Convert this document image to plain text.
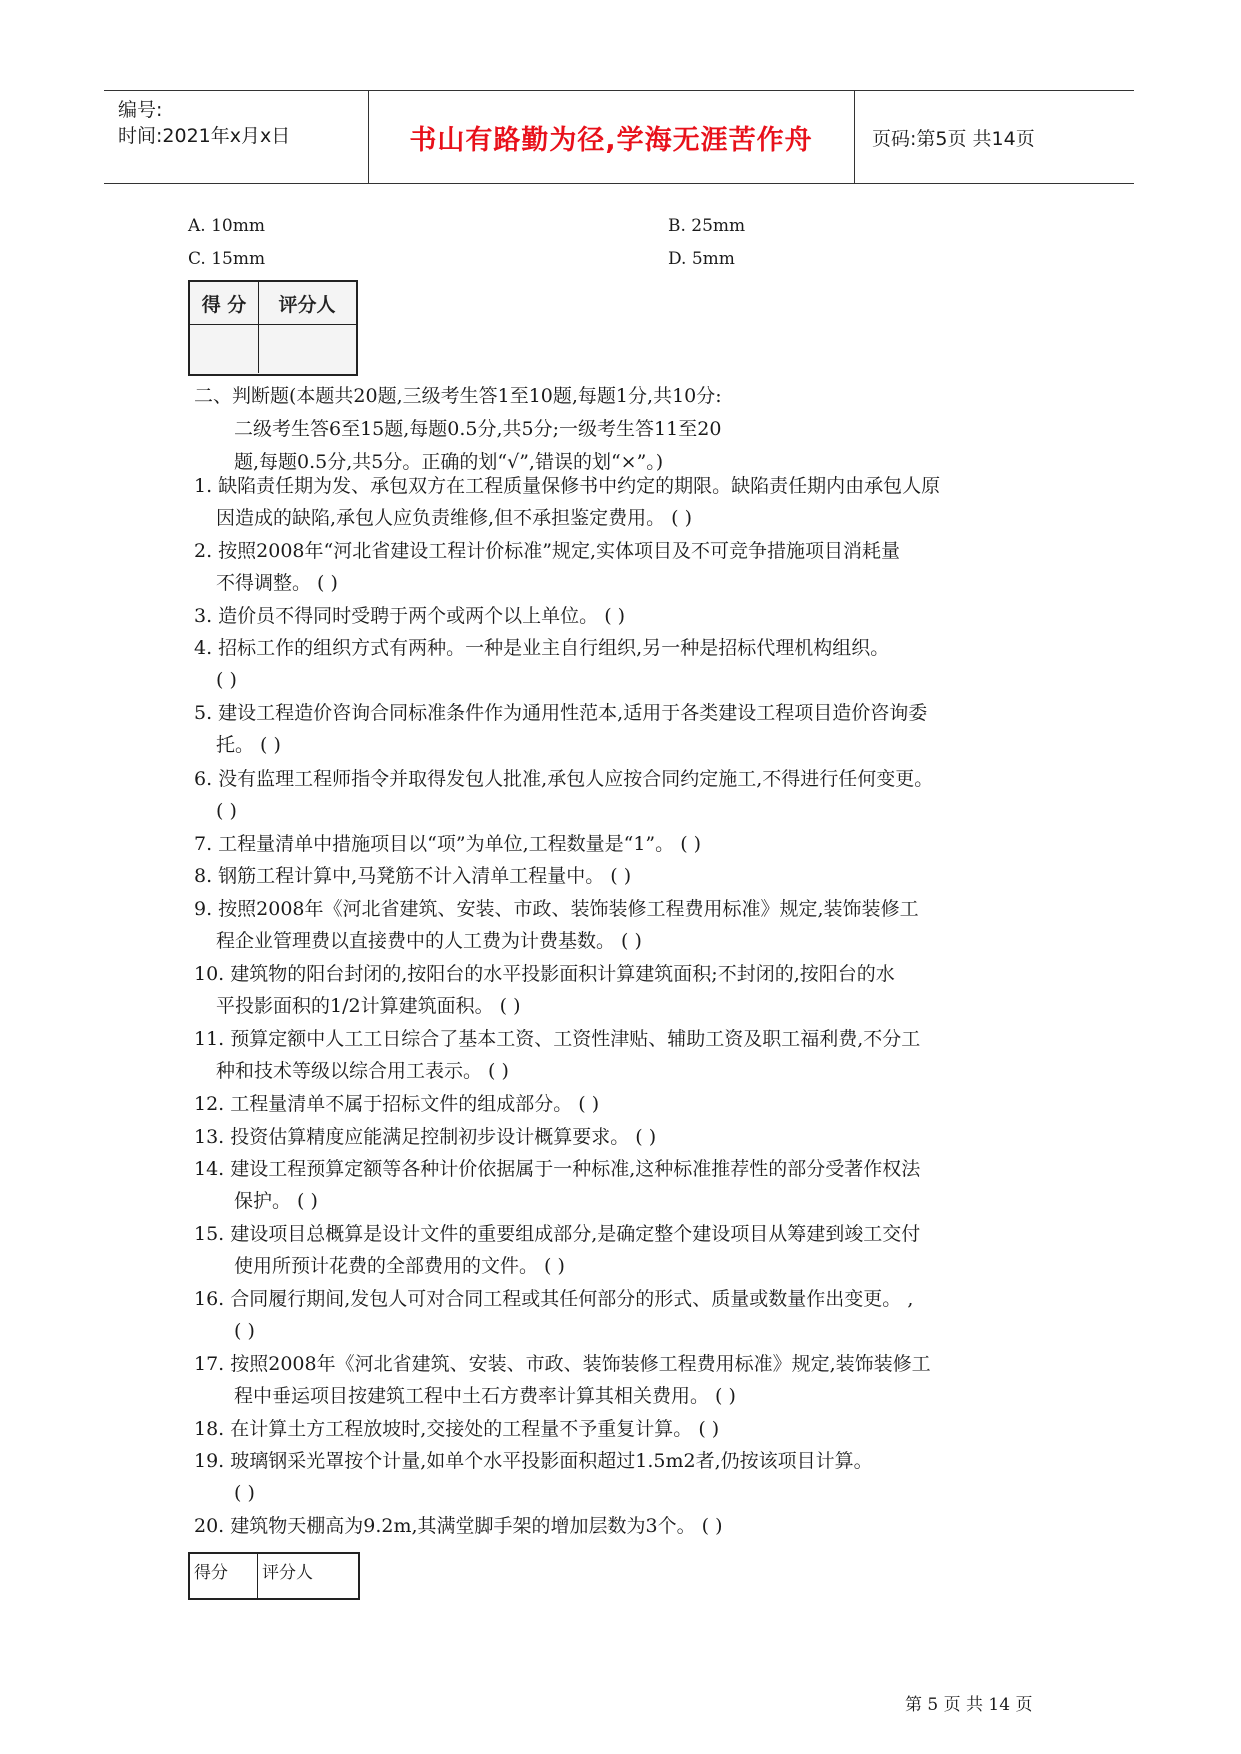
编号:
时间:2021年x月x日	书山有路勤为径,学海无涯苦作舟	页码:第5页 共14页
A. 10mm	B. 25mm
C. 15mm	D. 5mm
得 分 评分人
二、判断题(本题共20题,三级考生答1至10题,每题1分,共10分:
二级考生答6至15题,每题0.5分,共5分;一级考生答11至20
题,每题0.5分,共5分。正确的划“√”,错误的划“×”。)
1. 缺陷责任期为发、承包双方在工程质量保修书中约定的期限。缺陷责任期内由承包人原
因造成的缺陷,承包人应负责维修,但不承担鉴定费用。 ( )
2. 按照2008年“河北省建设工程计价标准”规定,实体项目及不可竞争措施项目消耗量
不得调整。 ( )
3. 造价员不得同时受聘于两个或两个以上单位。 ( )
4. 招标工作的组织方式有两种。一种是业主自行组织,另一种是招标代理机构组织。
( )
5. 建设工程造价咨询合同标准条件作为通用性范本,适用于各类建设工程项目造价咨询委
托。 ( )
6. 没有监理工程师指令并取得发包人批准,承包人应按合同约定施工,不得进行任何变更。
( )
7. 工程量清单中措施项目以“项”为单位,工程数量是“1”。 ( )
8. 钢筋工程计算中,马凳筋不计入清单工程量中。 ( )
9. 按照2008年《河北省建筑、安装、市政、装饰装修工程费用标准》规定,装饰装修工
程企业管理费以直接费中的人工费为计费基数。 ( )
10. 建筑物的阳台封闭的,按阳台的水平投影面积计算建筑面积;不封闭的,按阳台的水
平投影面积的1/2计算建筑面积。 ( )
11. 预算定额中人工工日综合了基本工资、工资性津贴、辅助工资及职工福利费,不分工
种和技术等级以综合用工表示。 ( )
12. 工程量清单不属于招标文件的组成部分。 ( )
13. 投资估算精度应能满足控制初步设计概算要求。 ( )
14. 建设工程预算定额等各种计价依据属于一种标准,这种标准推荐性的部分受著作权法
保护。 ( )
15. 建设项目总概算是设计文件的重要组成部分,是确定整个建设项目从筹建到竣工交付
使用所预计花费的全部费用的文件。 ( )
16. 合同履行期间,发包人可对合同工程或其任何部分的形式、质量或数量作出变更。 ,
( )
17. 按照2008年《河北省建筑、安装、市政、装饰装修工程费用标准》规定,装饰装修工
程中垂运项目按建筑工程中土石方费率计算其相关费用。 ( )
18. 在计算土方工程放坡时,交接处的工程量不予重复计算。 ( )
19. 玻璃钢采光罩按个计量,如单个水平投影面积超过1.5m2者,仍按该项目计算。
( )
20. 建筑物天棚高为9.2m,其满堂脚手架的增加层数为3个。 ( )
得分 评分人
第 5 页 共 14 页
